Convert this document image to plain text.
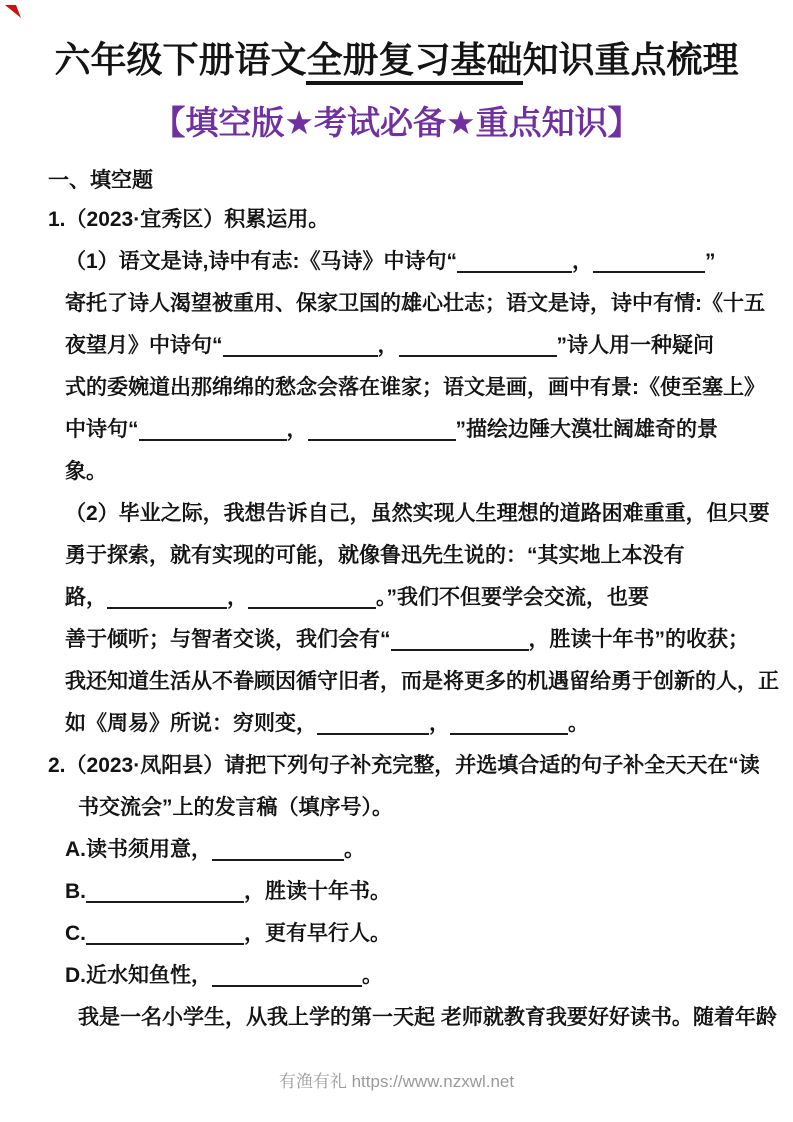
六年级下册语文全册复习基础知识重点梳理
【填空版★考试必备★重点知识】
一、填空题
1.（2023·宜秀区）积累运用。
（1）语文是诗,诗中有志:《马诗》中诗句“	，	”
寄托了诗人渴望被重用、保家卫国的雄心壮志；语文是诗，诗中有情:《十五
夜望月》中诗句“	，	”诗人用一种疑问
式的委婉道出那绵绵的愁念会落在谁家；语文是画，画中有景:《使至塞上》
中诗句“	，	”描绘边陲大漠壮阔雄奇的景
象。
（2）毕业之际，我想告诉自己，虽然实现人生理想的道路困难重重，但只要
勇于探索，就有实现的可能，就像鲁迅先生说的：“其实地上本没有
路，	，	。”我们不但要学会交流，也要
善于倾听；与智者交谈，我们会有“	，胜读十年书”的收获；
我还知道生活从不眷顾因循守旧者，而是将更多的机遇留给勇于创新的人，正
如《周易》所说：穷则变，	，	。
2.（2023·凤阳县）请把下列句子补充完整，并选填合适的句子补全天天在“读
书交流会”上的发言稿（填序号）。
A.读书须用意，	。
B.	，胜读十年书。
C.	，更有早行人。
D.近水知鱼性，	。
我是一名小学生，从我上学的第一天起 老师就教育我要好好读书。随着年龄
有渔有礼 https://www.nzxwl.net
